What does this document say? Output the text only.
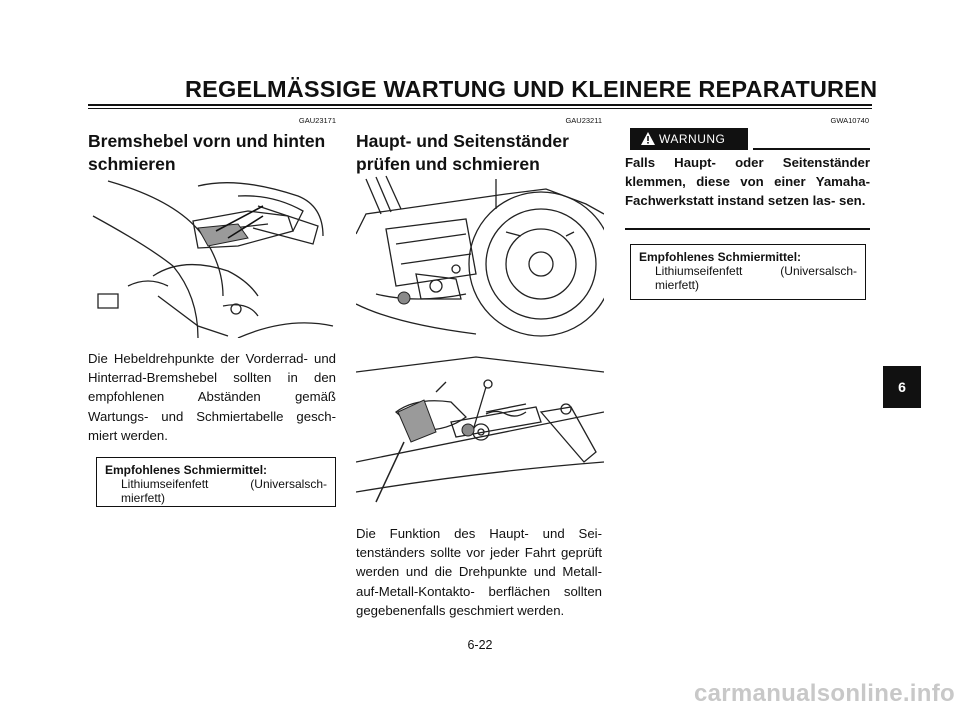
REGELMÄSSIGE WARTUNG UND KLEINERE REPARATUREN
GAU23171
Bremshebel vorn und hinten
schmieren
Die Hebeldrehpunkte der Vorderrad- und Hinterrad-Bremshebel sollten in den empfohlenen Abständen gemäß Wartungs- und Schmiertabelle gesch- miert werden.
Empfohlenes Schmiermittel:
Lithiumseifenfett (Universalsch- mierfett)
GAU23211
Haupt- und Seitenständer
prüfen und schmieren
Die Funktion des Haupt- und Sei- tenständers sollte vor jeder Fahrt geprüft werden und die Drehpunkte und Metall-auf-Metall-Kontakto- berflächen sollten gegebenenfalls geschmiert werden.
GWA10740
WARNUNG
Falls Haupt- oder Seitenständer klemmen, diese von einer Yamaha- Fachwerkstatt instand setzen las- sen.
Empfohlenes Schmiermittel:
Lithiumseifenfett (Universalsch- mierfett)
6
6-22
carmanualsonline.info
